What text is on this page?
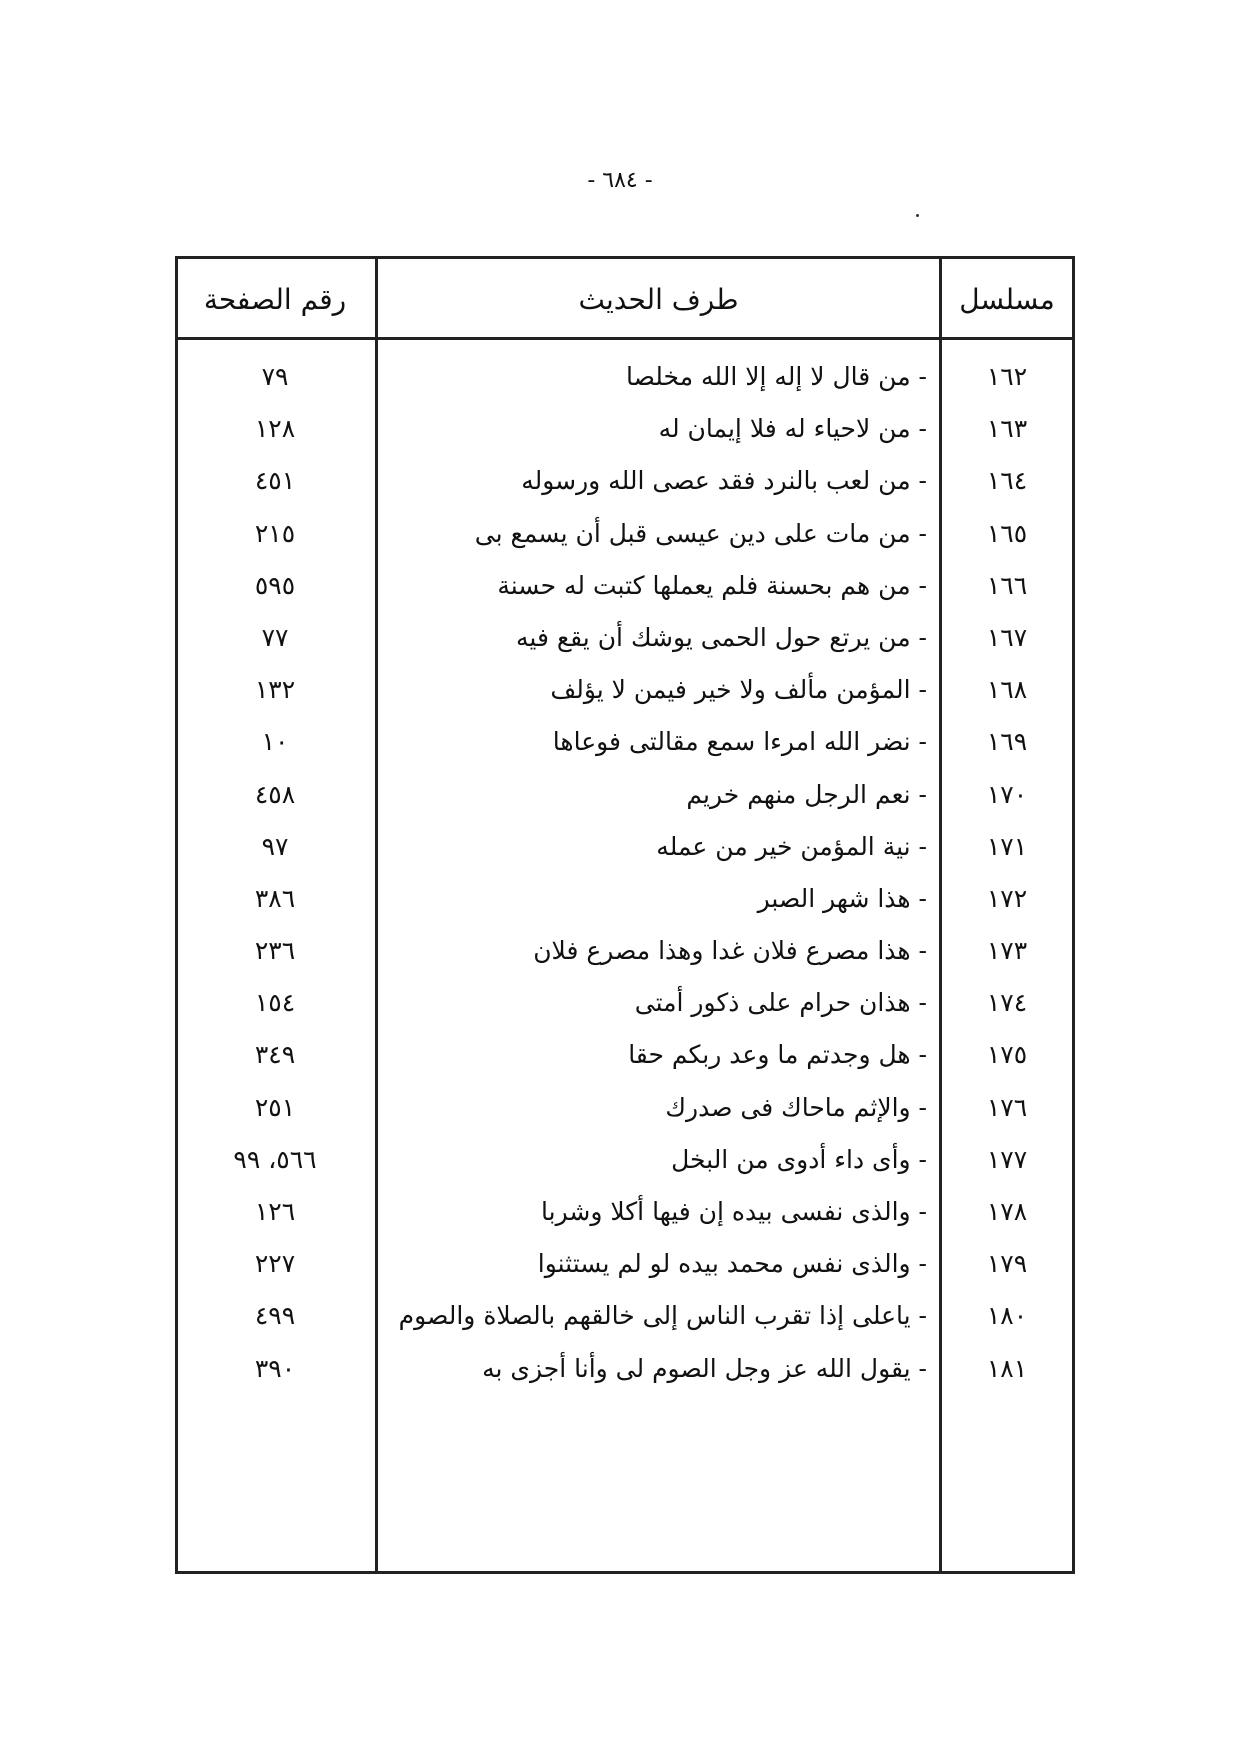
- ٦٨٤ -
مسلسل
طرف الحديث
رقم الصفحة
١٦٢
- من قال لا إله إلا الله مخلصا
٧٩
١٦٣
- من لاحياء له فلا إيمان له
١٢٨
١٦٤
- من لعب بالنرد فقد عصى الله ورسوله
٤٥١
١٦٥
- من مات على دين عيسى قبل أن يسمع بى
٢١٥
١٦٦
- من هم بحسنة فلم يعملها كتبت له حسنة
٥٩٥
١٦٧
- من يرتع حول الحمى يوشك أن يقع فيه
٧٧
١٦٨
- المؤمن مألف ولا خير فيمن لا يؤلف
١٣٢
١٦٩
- نضر الله امرءا سمع مقالتى فوعاها
١٠
١٧٠
- نعم الرجل منهم خريم
٤٥٨
١٧١
- نية المؤمن خير من عمله
٩٧
١٧٢
- هذا شهر الصبر
٣٨٦
١٧٣
- هذا مصرع فلان غدا وهذا مصرع فلان
٢٣٦
١٧٤
- هذان حرام على ذكور أمتى
١٥٤
١٧٥
- هل وجدتم ما وعد ربكم حقا
٣٤٩
١٧٦
- والإثم ماحاك فى صدرك
٢٥١
١٧٧
- وأى داء أدوى من البخل
٥٦٦، ٩٩
١٧٨
- والذى نفسى بيده إن فيها أكلا وشربا
١٢٦
١٧٩
- والذى نفس محمد بيده لو لم يستثنوا
٢٢٧
١٨٠
- ياعلى إذا تقرب الناس إلى خالقهم بالصلاة والصوم
٤٩٩
١٨١
- يقول الله عز وجل الصوم لى وأنا أجزى به
٣٩٠
